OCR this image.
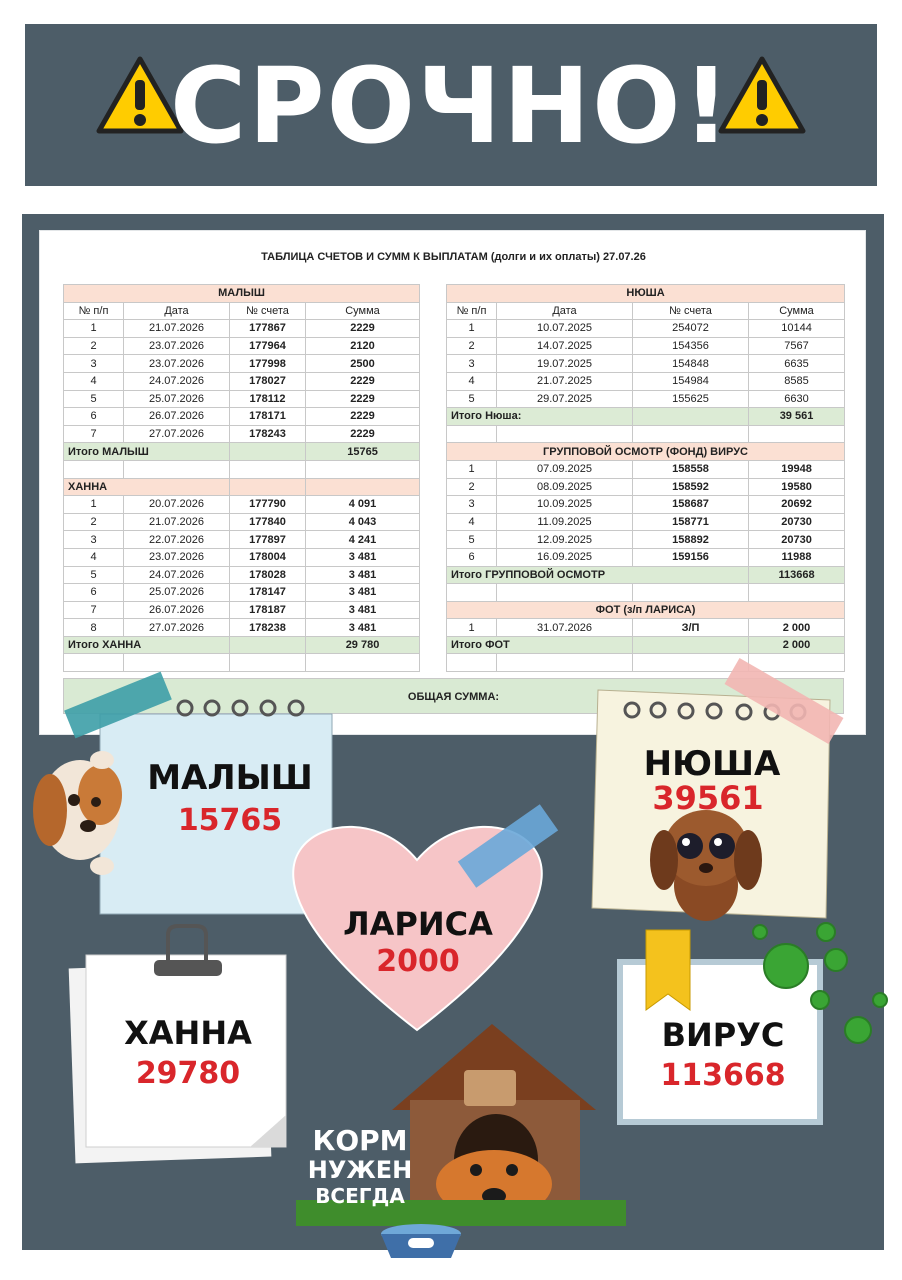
СРОЧНО!
ТАБЛИЦА СЧЕТОВ И СУММ К ВЫПЛАТАМ (долги и их оплаты) 27.07.26
МАЛЫШ			
№ п/п	Дата	№ счета	Сумма
1	21.07.2026	177867	2229
2	23.07.2026	177964	2120
3	23.07.2026	177998	2500
4	24.07.2026	178027	2229
5	25.07.2026	178112	2229
6	26.07.2026	178171	2229
7	27.07.2026	178243	2229
Итого МАЛЫШ			15765

ХАННА			
1	20.07.2026	177790	4 091
2	21.07.2026	177840	4 043
3	22.07.2026	177897	4 241
4	23.07.2026	178004	3 481
5	24.07.2026	178028	3 481
6	25.07.2026	178147	3 481
7	26.07.2026	178187	3 481
8	27.07.2026	178238	3 481
Итого ХАННА			29 780

НЮША			
№ п/п	Дата	№ счета	Сумма
1	10.07.2025	254072	10144
2	14.07.2025	154356	7567
3	19.07.2025	154848	6635
4	21.07.2025	154984	8585
5	29.07.2025	155625	6630
Итого Нюша:			39 561

ГРУППОВОЙ ОСМОТР (ФОНД) ВИРУС			
1	07.09.2025	158558	19948
2	08.09.2025	158592	19580
3	10.09.2025	158687	20692
4	11.09.2025	158771	20730
5	12.09.2025	158892	20730
6	16.09.2025	159156	11988
Итого ГРУППОВОЙ ОСМОТР			113668

ФОТ (з/п ЛАРИСА)			
1	31.07.2026	З/П	2 000
Итого ФОТ			2 000

ОБЩАЯ СУММА:
МАЛЫШ
15765
НЮША
39561
ЛАРИСА
2000
ХАННА
29780
ВИРУС
113668
КОРМ
НУЖЕН
ВСЕГДА
